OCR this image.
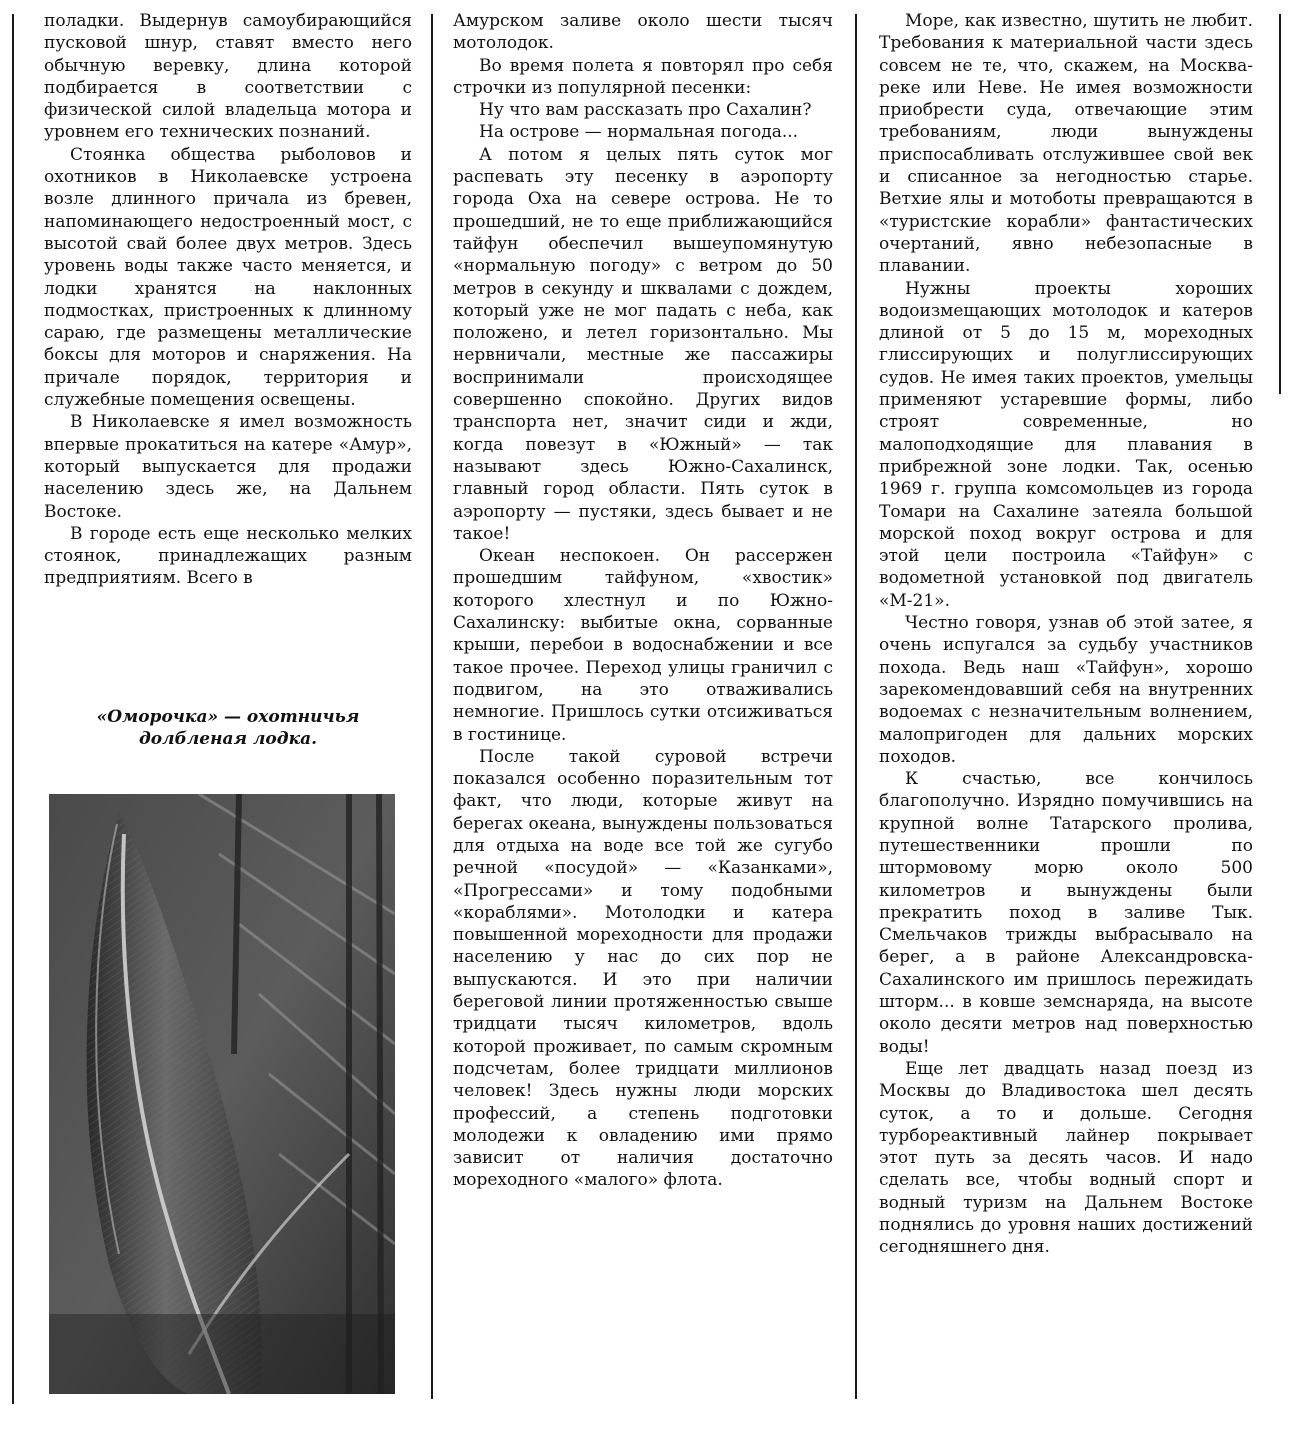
поладки. Выдернув самоубирающийся пусковой шнур, ставят вместо него обычную веревку, длина которой подбирается в соответствии с физической силой владельца мотора и уровнем его технических познаний.

Стоянка общества рыболовов и охотников в Николаевске устроена возле длинного причала из бревен, напоминающего недостроенный мост, с высотой свай более двух метров. Здесь уровень воды также часто меняется, и лодки хранятся на наклонных подмостках, пристроенных к длинному сараю, где размещены металлические боксы для моторов и снаряжения. На причале порядок, территория и служебные помещения освещены.

В Николаевске я имел возможность впервые прокатиться на катере «Амур», который выпускается для продажи населению здесь же, на Дальнем Востоке.

В городе есть еще несколько мелких стоянок, принадлежащих разным предприятиям. Всего в

«Оморочка» — охотничья долбленая лодка.

Амурском заливе около шести тысяч мотолодок.

Во время полета я повторял про себя строчки из популярной песенки:

Ну что вам рассказать про Сахалин?

На острове — нормальная погода...

А потом я целых пять суток мог распевать эту песенку в аэропорту города Оха на севере острова. Не то прошедший, не то еще приближающийся тайфун обеспечил вышеупомянутую «нормальную погоду» с ветром до 50 метров в секунду и шквалами с дождем, который уже не мог падать с неба, как положено, и летел горизонтально. Мы нервничали, местные же пассажиры воспринимали происходящее совершенно спокойно. Других видов транспорта нет, значит сиди и жди, когда повезут в «Южный» — так называют здесь Южно-Сахалинск, главный город области. Пять суток в аэропорту — пустяки, здесь бывает и не такое!

Океан неспокоен. Он рассержен прошедшим тайфуном, «хвостик» которого хлестнул и по Южно-Сахалинску: выбитые окна, сорванные крыши, перебои в водоснабжении и все такое прочее. Переход улицы граничил с подвигом, на это отваживались немногие. Пришлось сутки отсиживаться в гостинице.

После такой суровой встречи показался особенно поразительным тот факт, что люди, которые живут на берегах океана, вынуждены пользоваться для отдыха на воде все той же сугубо речной «посудой» — «Казанками», «Прогрессами» и тому подобными «кораблями». Мотолодки и катера повышенной мореходности для продажи населению у нас до сих пор не выпускаются. И это при наличии береговой линии протяженностью свыше тридцати тысяч километров, вдоль которой проживает, по самым скромным подсчетам, более тридцати миллионов человек! Здесь нужны люди морских профессий, а степень подготовки молодежи к овладению ими прямо зависит от наличия достаточно мореходного «малого» флота.

Море, как известно, шутить не любит. Требования к материальной части здесь совсем не те, что, скажем, на Москва-реке или Неве. Не имея возможности приобрести суда, отвечающие этим требованиям, люди вынуждены приспосабливать отслужившее свой век и списанное за негодностью старье. Ветхие ялы и мотоботы превращаются в «туристские корабли» фантастических очертаний, явно небезопасные в плавании.

Нужны проекты хороших водоизмещающих мотолодок и катеров длиной от 5 до 15 м, мореходных глиссирующих и полуглиссирующих судов. Не имея таких проектов, умельцы применяют устаревшие формы, либо строят современные, но малоподходящие для плавания в прибрежной зоне лодки. Так, осенью 1969 г. группа комсомольцев из города Томари на Сахалине затеяла большой морской поход вокруг острова и для этой цели построила «Тайфун» с водометной установкой под двигатель «М-21».

Честно говоря, узнав об этой затее, я очень испугался за судьбу участников похода. Ведь наш «Тайфун», хорошо зарекомендовавший себя на внутренних водоемах с незначительным волнением, малопригоден для дальних морских походов.

К счастью, все кончилось благополучно. Изрядно помучившись на крупной волне Татарского пролива, путешественники прошли по штормовому морю около 500 километров и вынуждены были прекратить поход в заливе Тык. Смельчаков трижды выбрасывало на берег, а в районе Александровска-Сахалинского им пришлось пережидать шторм... в ковше земснаряда, на высоте около десяти метров над поверхностью воды!

Еще лет двадцать назад поезд из Москвы до Владивостока шел десять суток, а то и дольше. Сегодня турбореактивный лайнер покрывает этот путь за десять часов. И надо сделать все, чтобы водный спорт и водный туризм на Дальнем Востоке поднялись до уровня наших достижений сегодняшнего дня.
